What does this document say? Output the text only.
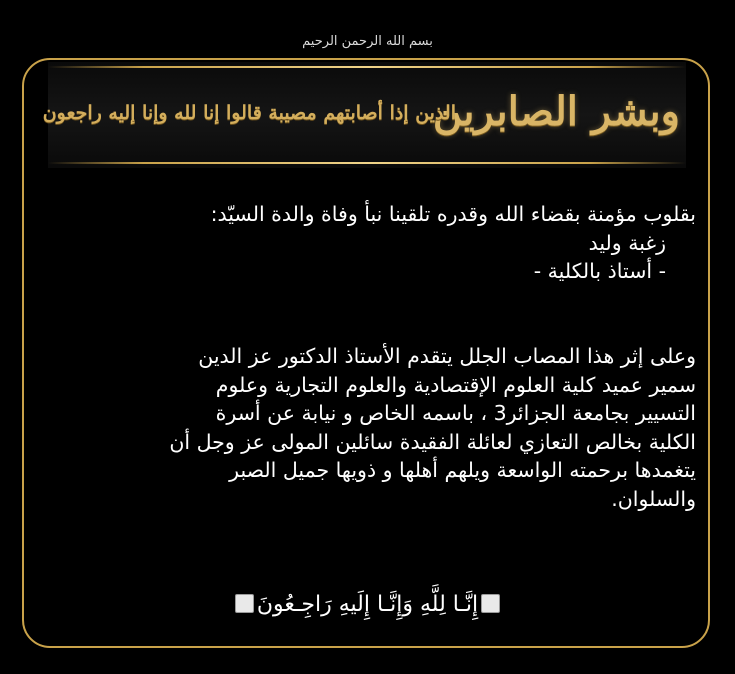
بسم الله الرحمن الرحيم
وبشر الصابرين
الذين إذا أصابتهم مصيبة قالوا إنا لله وإنا إليه راجعون
بقلوب مؤمنة بقضاء الله وقدره تلقينا نبأ وفاة والدة السيّد:
زغبة وليد
- أستاذ بالكلية -
وعلى إثر هذا المصاب الجلل يتقدم الأستاذ الدكتور عز الدين
سمير عميد كلية العلوم الإقتصادية والعلوم التجارية وعلوم
التسيير بجامعة الجزائر3 ، باسمه الخاص و نيابة عن أسرة
الكلية بخالص التعازي لعائلة الفقيدة سائلين المولى عز وجل أن
يتغمدها برحمته الواسعة ويلهم أهلها و ذويها جميل الصبر
والسلوان.
إِنَّـا لِلَّهِ وَإِنَّـا إِلَيهِ رَاجِـعُونَ
